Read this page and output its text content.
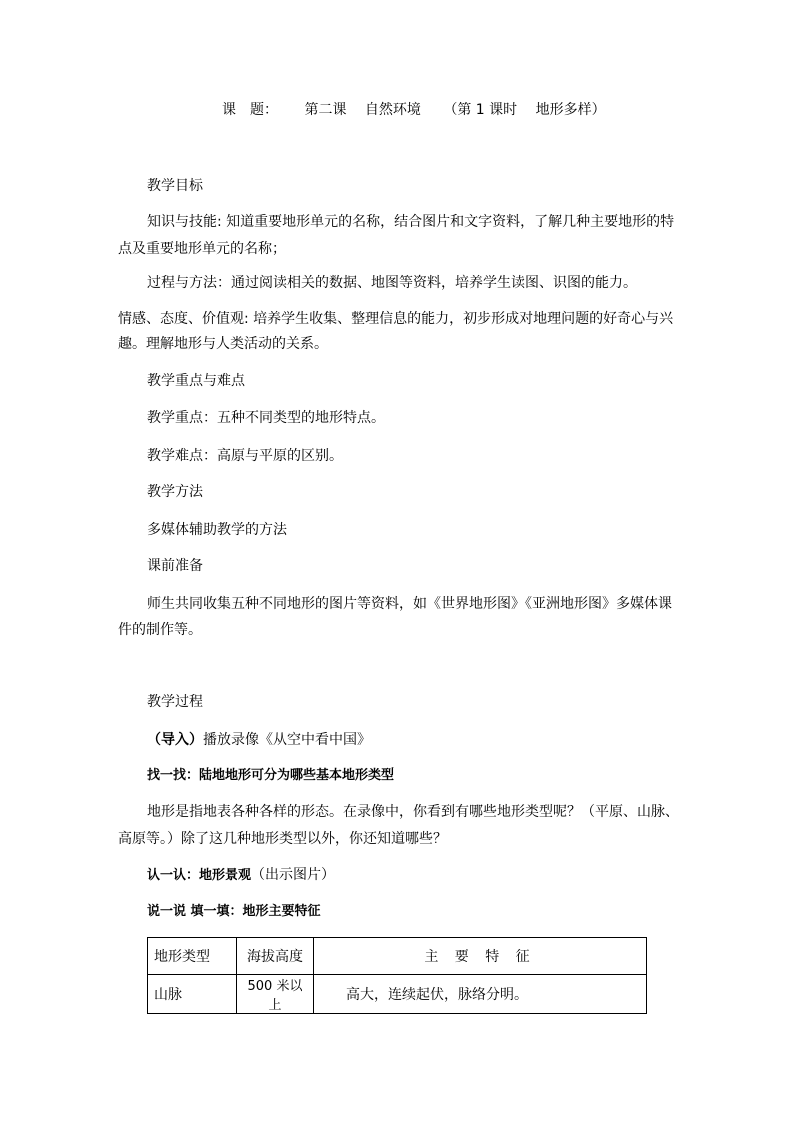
课　题： 第二课　 自然环境 （第 1 课时　 地形多样）
教学目标
知识与技能: 知道重要地形单元的名称，结合图片和文字资料，了解几种主要地形的特
点及重要地形单元的名称；
过程与方法：通过阅读相关的数据、地图等资料，培养学生读图、识图的能力。
情感、态度、价值观: 培养学生收集、整理信息的能力，初步形成对地理问题的好奇心与兴
趣。理解地形与人类活动的关系。
教学重点与难点
教学重点：五种不同类型的地形特点。
教学难点：高原与平原的区别。
教学方法
多媒体辅助教学的方法
课前准备
师生共同收集五种不同地形的图片等资料，如《世界地形图》《亚洲地形图》多媒体课
件的制作等。
教学过程
（导入）播放录像《从空中看中国》
找一找：陆地地形可分为哪些基本地形类型
地形是指地表各种各样的形态。在录像中，你看到有哪些地形类型呢？（平原、山脉、
高原等。）除了这几种地形类型以外，你还知道哪些？
认一认：地形景观（出示图片）
说一说 填一填：地形主要特征
地形类型	海拔高度	主 要 特 征
山脉	500 米以上	高大，连续起伏，脉络分明。
